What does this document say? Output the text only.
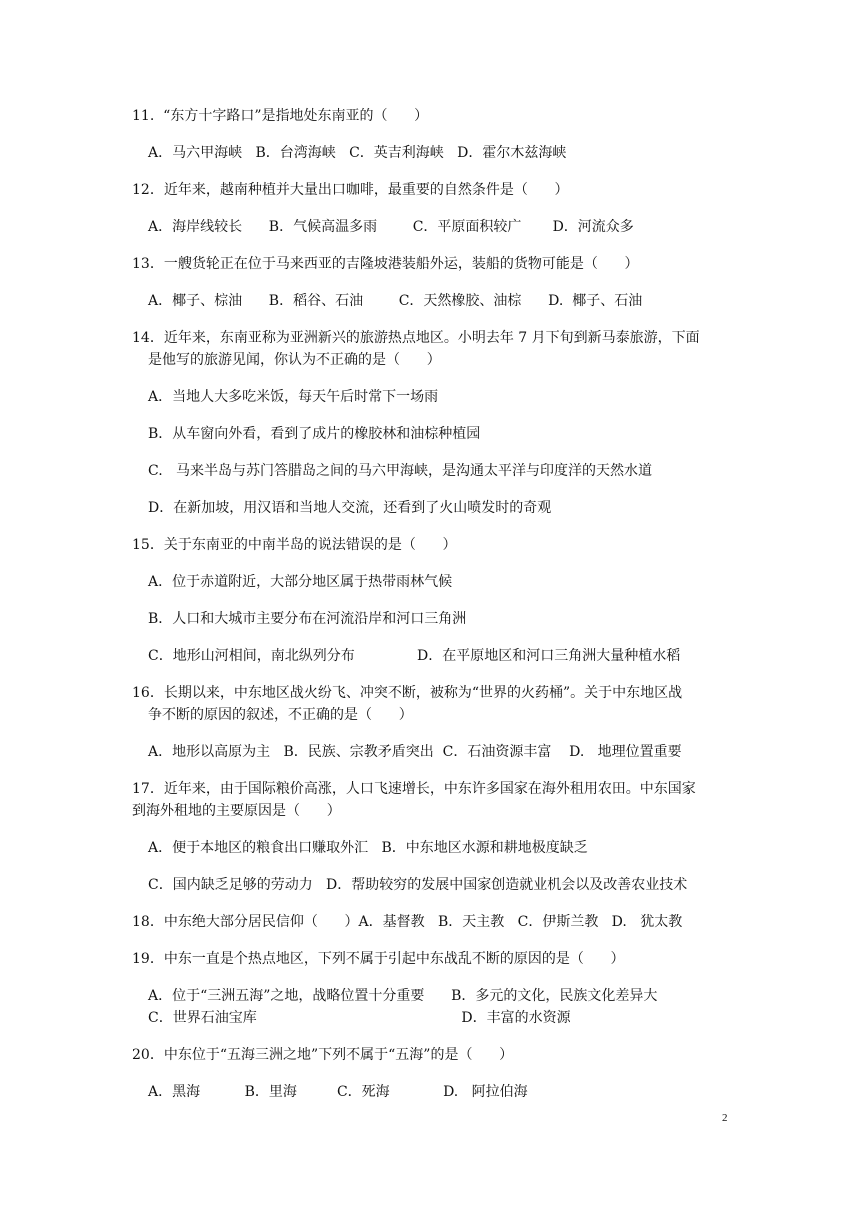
11.  “东方十字路口”是指地处东南亚的（      ）
A．马六甲海峡   B．台湾海峡   C．英吉利海峡   D．霍尔木兹海峡
12．近年来，越南种植并大量出口咖啡，最重要的自然条件是（      ）
A．海岸线较长      B．气候高温多雨        C．平原面积较广       D．河流众多
13．一艘货轮正在位于马来西亚的吉隆坡港装船外运，装船的货物可能是（      ）
A．椰子、棕油      B．稻谷、石油        C．天然橡胶、油棕      D.  椰子、石油
14．近年来，东南亚称为亚洲新兴的旅游热点地区。小明去年 7 月下旬到新马泰旅游，下面
是他写的旅游见闻，你认为不正确的是（      ）
A．当地人大多吃米饭，每天午后时常下一场雨
B．从车窗向外看，看到了成片的橡胶林和油棕种植园
C.   马来半岛与苏门答腊岛之间的马六甲海峡，是沟通太平洋与印度洋的天然水道
D．在新加坡，用汉语和当地人交流，还看到了火山喷发时的奇观
15．关于东南亚的中南半岛的说法错误的是（      ）
A．位于赤道附近，大部分地区属于热带雨林气候
B．人口和大城市主要分布在河流沿岸和河口三角洲
C．地形山河相间，南北纵列分布              D．在平原地区和河口三角洲大量种植水稻
16．长期以来，中东地区战火纷飞、冲突不断，被称为“世界的火药桶”。关于中东地区战
争不断的原因的叙述，不正确的是（      ）
A．地形以高原为主   B．民族、宗教矛盾突出  C．石油资源丰富    D.   地理位置重要
17．近年来，由于国际粮价高涨，人口飞速增长，中东许多国家在海外租用农田。中东国家
到海外租地的主要原因是（      ）
A．便于本地区的粮食出口赚取外汇   B．中东地区水源和耕地极度缺乏
C．国内缺乏足够的劳动力   D．帮助较穷的发展中国家创造就业机会以及改善农业技术
18．中东绝大部分居民信仰（      ）A．基督教   B．天主教   C．伊斯兰教   D.   犹太教
19．中东一直是个热点地区，下列不属于引起中东战乱不断的原因的是（      ）
A．位于“三洲五海”之地，战略位置十分重要      B．多元的文化，民族文化差异大
C．世界石油宝库                                              D．丰富的水资源
20．中东位于“五海三洲之地”下列不属于“五海”的是（      ）
A．黑海          B．里海         C．死海            D.   阿拉伯海
2
